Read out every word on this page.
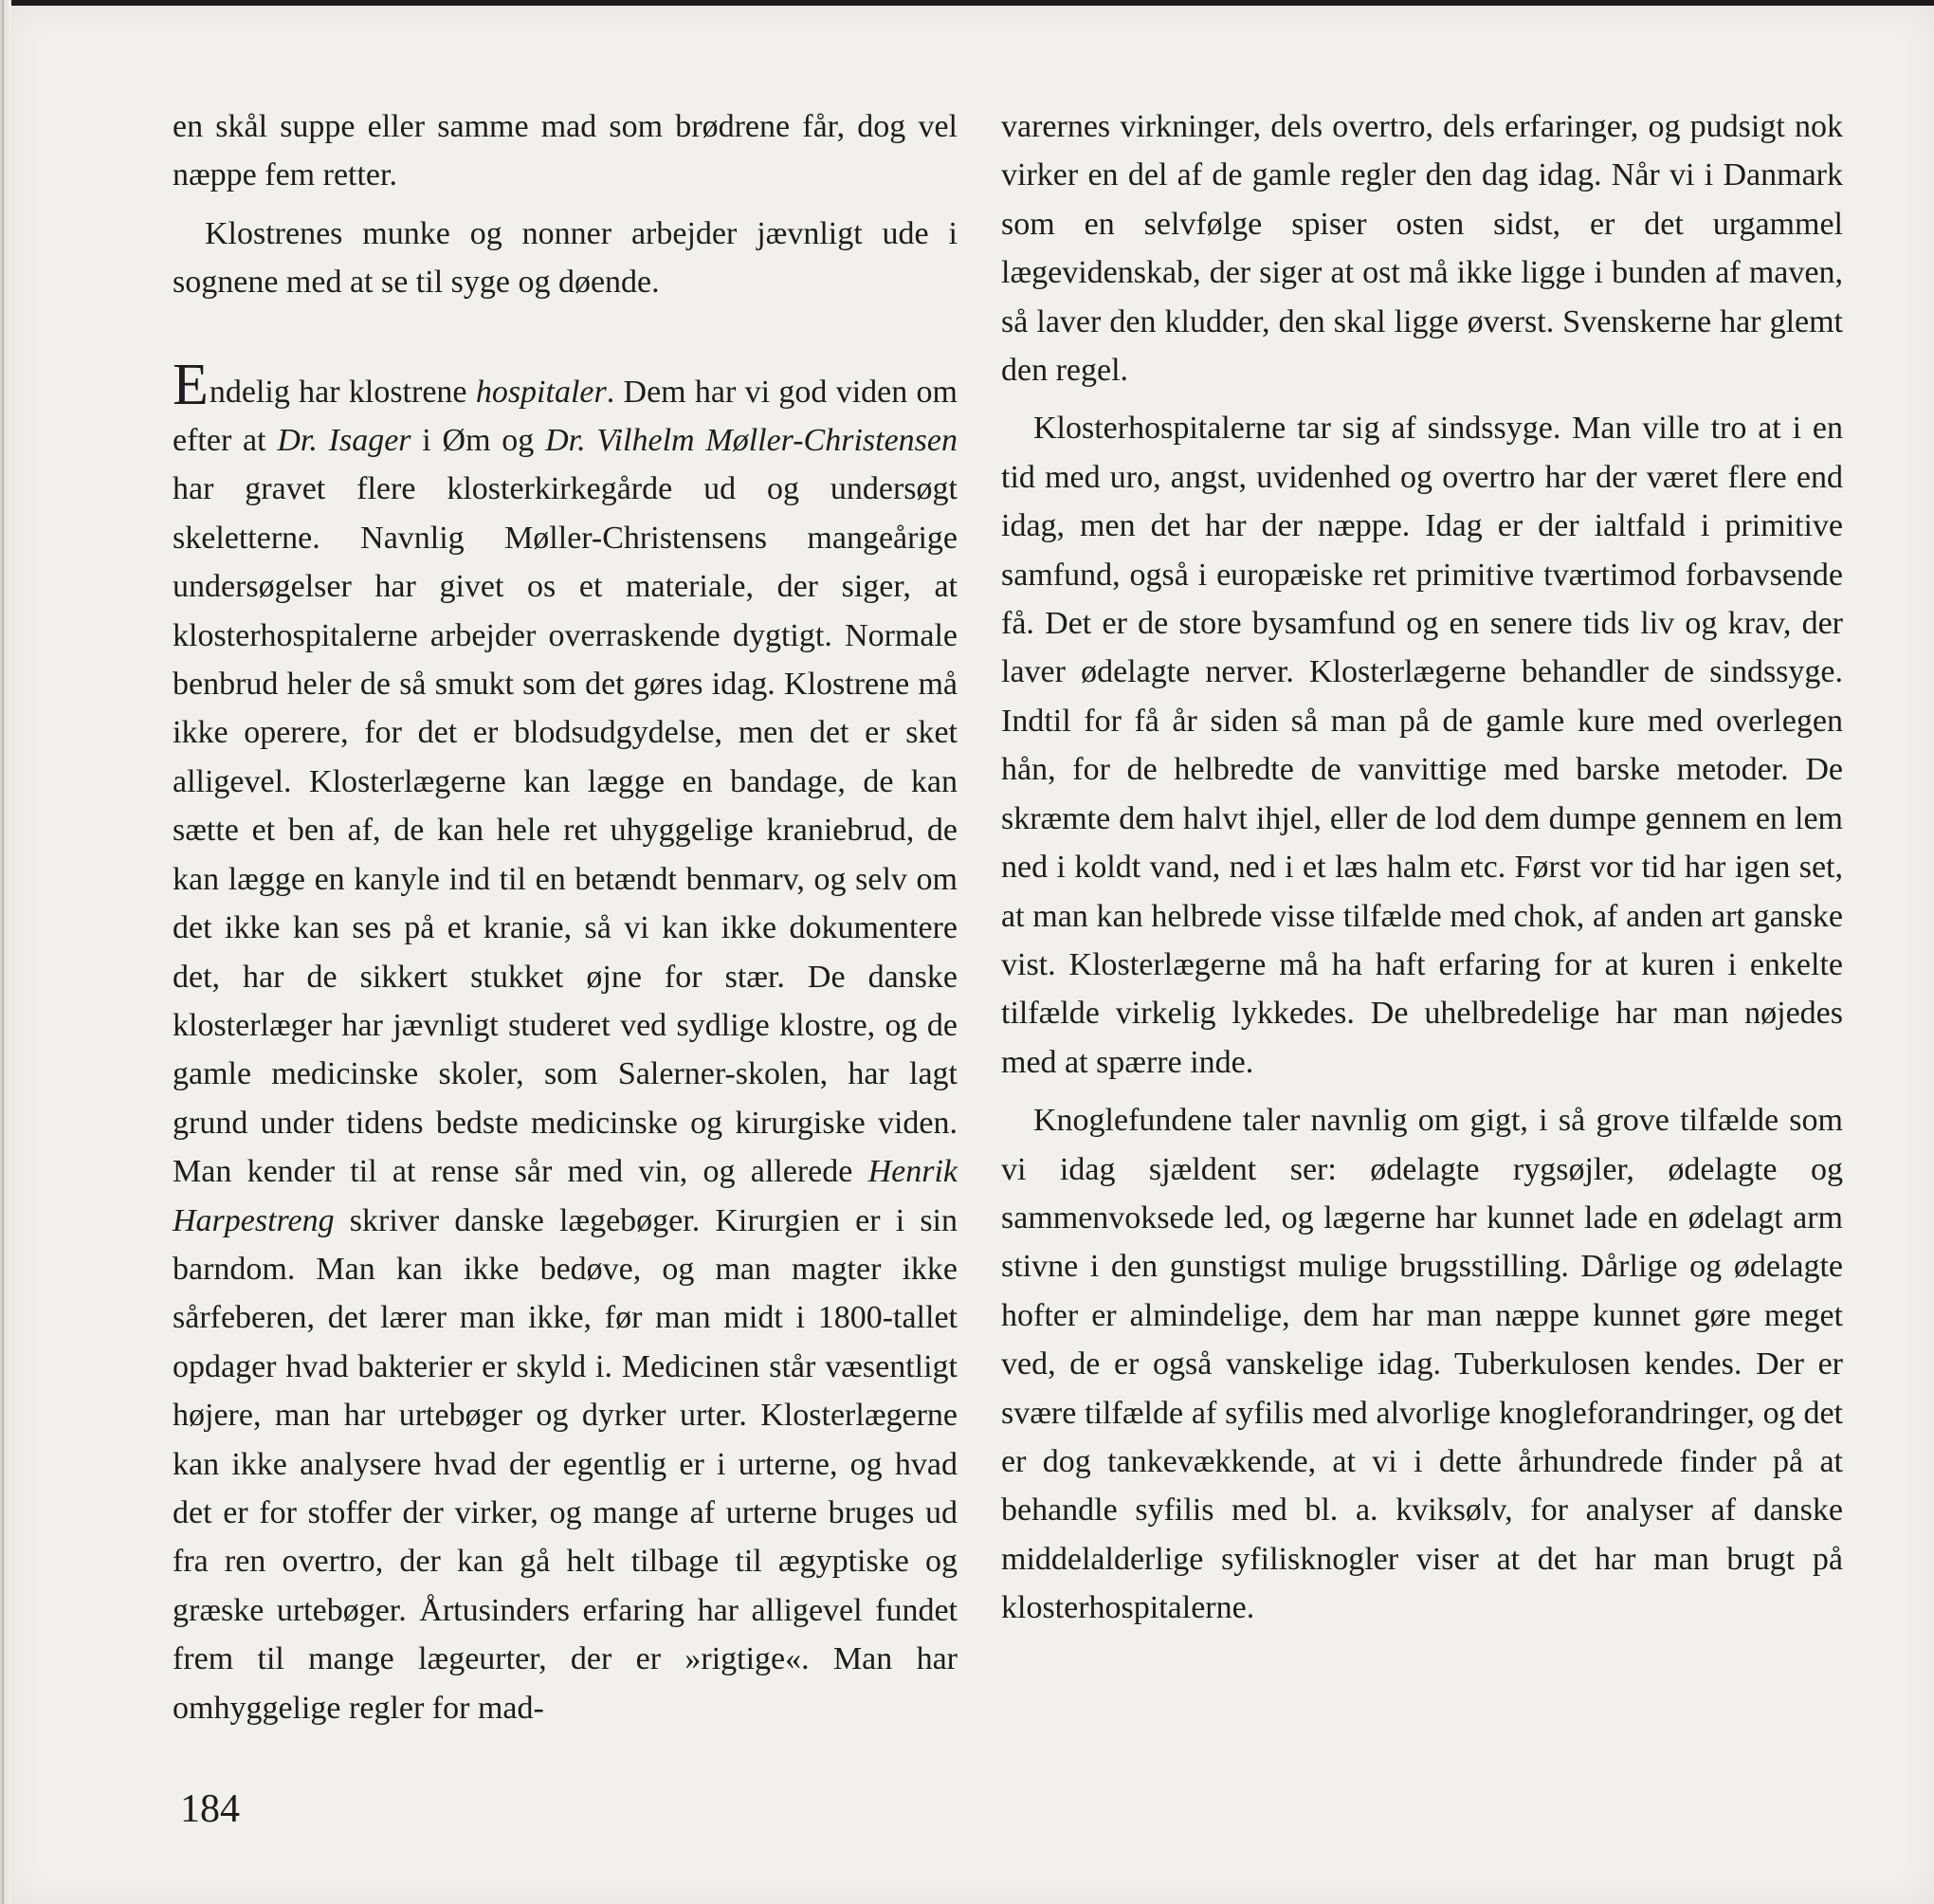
en skål suppe eller samme mad som brødrene får, dog vel næppe fem retter.

Klostrenes munke og nonner arbejder jævnligt ude i sognene med at se til syge og døende.

Endelig har klostrene hospitaler. Dem har vi god viden om efter at Dr. Isager i Øm og Dr. Vilhelm Møller-Christensen har gravet flere klosterkirkegårde ud og undersøgt skeletterne. Navnlig Møller-Christensens mangeårige undersøgelser har givet os et materiale, der siger, at klosterhospitalerne arbejder overraskende dygtigt. Normale benbrud heler de så smukt som det gøres idag. Klostrene må ikke operere, for det er blodsudgydelse, men det er sket alligevel. Klosterlægerne kan lægge en bandage, de kan sætte et ben af, de kan hele ret uhyggelige kraniebrud, de kan lægge en kanyle ind til en betændt benmarv, og selv om det ikke kan ses på et kranie, så vi kan ikke dokumentere det, har de sikkert stukket øjne for stær. De danske klosterlæger har jævnligt studeret ved sydlige klostre, og de gamle medicinske skoler, som Salerner-skolen, har lagt grund under tidens bedste medicinske og kirurgiske viden. Man kender til at rense sår med vin, og allerede Henrik Harpestreng skriver danske lægebøger. Kirurgien er i sin barndom. Man kan ikke bedøve, og man magter ikke sårfeberen, det lærer man ikke, før man midt i 1800-tallet opdager hvad bakterier er skyld i. Medicinen står væsentligt højere, man har urtebøger og dyrker urter. Klosterlægerne kan ikke analysere hvad der egentlig er i urterne, og hvad det er for stoffer der virker, og mange af urterne bruges ud fra ren overtro, der kan gå helt tilbage til ægyptiske og græske urtebøger. Årtusinders erfaring har alligevel fundet frem til mange lægeurter, der er »rigtige«. Man har omhyggelige regler for mad-

varernes virkninger, dels overtro, dels erfaringer, og pudsigt nok virker en del af de gamle regler den dag idag. Når vi i Danmark som en selvfølge spiser osten sidst, er det urgammel lægevidenskab, der siger at ost må ikke ligge i bunden af maven, så laver den kludder, den skal ligge øverst. Svenskerne har glemt den regel.

Klosterhospitalerne tar sig af sindssyge. Man ville tro at i en tid med uro, angst, uvidenhed og overtro har der været flere end idag, men det har der næppe. Idag er der ialtfald i primitive samfund, også i europæiske ret primitive tværtimod forbavsende få. Det er de store bysamfund og en senere tids liv og krav, der laver ødelagte nerver. Klosterlægerne behandler de sindssyge. Indtil for få år siden så man på de gamle kure med overlegen hån, for de helbredte de vanvittige med barske metoder. De skræmte dem halvt ihjel, eller de lod dem dumpe gennem en lem ned i koldt vand, ned i et læs halm etc. Først vor tid har igen set, at man kan helbrede visse tilfælde med chok, af anden art ganske vist. Klosterlægerne må ha haft erfaring for at kuren i enkelte tilfælde virkelig lykkedes. De uhelbredelige har man nøjedes med at spærre inde.

Knoglefundene taler navnlig om gigt, i så grove tilfælde som vi idag sjældent ser: ødelagte rygsøjler, ødelagte og sammenvoksede led, og lægerne har kunnet lade en ødelagt arm stivne i den gunstigst mulige brugsstilling. Dårlige og ødelagte hofter er almindelige, dem har man næppe kunnet gøre meget ved, de er også vanskelige idag. Tuberkulosen kendes. Der er svære tilfælde af syfilis med alvorlige knogleforandringer, og det er dog tankevækkende, at vi i dette århundrede finder på at behandle syfilis med bl. a. kviksølv, for analyser af danske middelalderlige syfilisknogler viser at det har man brugt på klosterhospitalerne.

184
